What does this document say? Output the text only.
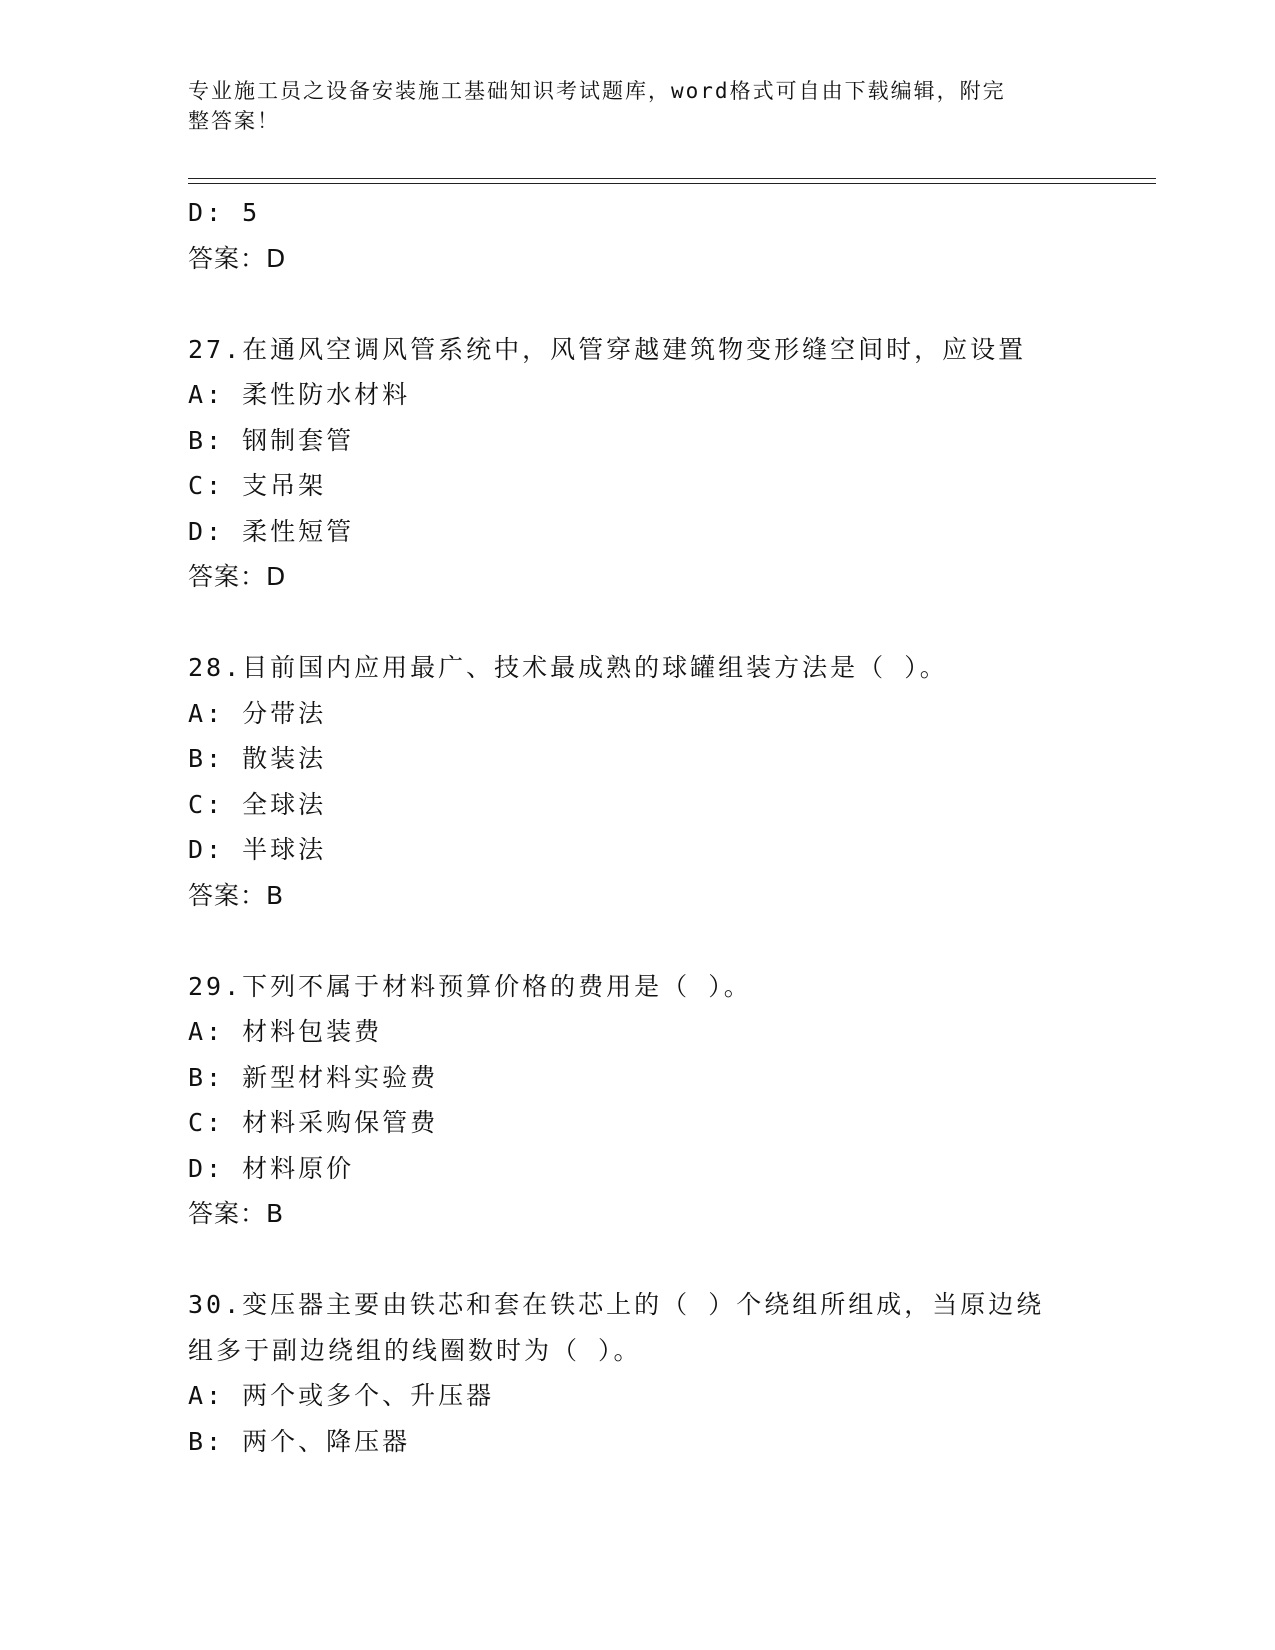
专业施工员之设备安装施工基础知识考试题库，word格式可自由下载编辑，附完
整答案！
D: 5
答案：D
27.在通风空调风管系统中，风管穿越建筑物变形缝空间时，应设置
A: 柔性防水材料
B: 钢制套管
C: 支吊架
D: 柔性短管
答案：D
28.目前国内应用最广、技术最成熟的球罐组装方法是（ ）。
A: 分带法
B: 散装法
C: 全球法
D: 半球法
答案：B
29.下列不属于材料预算价格的费用是（ ）。
A: 材料包装费
B: 新型材料实验费
C: 材料采购保管费
D: 材料原价
答案：B
30.变压器主要由铁芯和套在铁芯上的（ ）个绕组所组成，当原边绕
组多于副边绕组的线圈数时为（ ）。
A: 两个或多个、升压器
B: 两个、降压器
